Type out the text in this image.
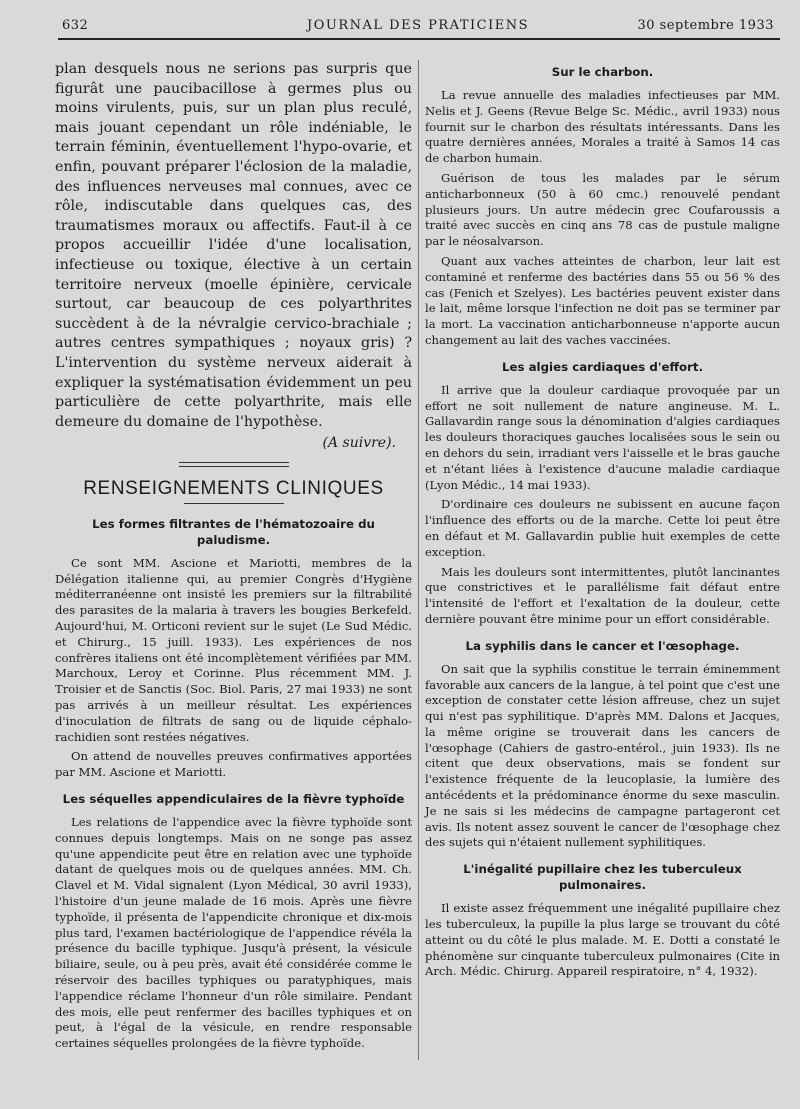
632	JOURNAL DES PRATICIENS	30 septembre 1933

plan desquels nous ne serions pas surpris que figurât une paucibacillose à germes plus ou moins virulents, puis, sur un plan plus reculé, mais jouant cependant un rôle indéniable, le terrain féminin, éventuellement l'hypo-ovarie, et enfin, pouvant préparer l'éclosion de la maladie, des influences nerveuses mal connues, avec ce rôle, indiscutable dans quelques cas, des traumatismes moraux ou affectifs. Faut-il à ce propos accueillir l'idée d'une localisation, infectieuse ou toxique, élective à un certain territoire nerveux (moelle épinière, cervicale surtout, car beaucoup de ces polyarthrites succèdent à de la névralgie cervico-brachiale ; autres centres sympathiques ; noyaux gris) ? L'intervention du système nerveux aiderait à expliquer la systématisation évidemment un peu particulière de cette polyarthrite, mais elle demeure du domaine de l'hypothèse.

(A suivre).
RENSEIGNEMENTS CLINIQUES
Les formes filtrantes de l'hématozoaire du paludisme.

Ce sont MM. Ascione et Mariotti, membres de la Délégation italienne qui, au premier Congrès d'Hygiène méditerranéenne ont insisté les premiers sur la filtrabilité des parasites de la malaria à travers les bougies Berkefeld. Aujourd'hui, M. Orticoni revient sur le sujet (Le Sud Médic. et Chirurg., 15 juill. 1933). Les expériences de nos confrères italiens ont été incomplètement vérifiées par MM. Marchoux, Leroy et Corinne. Plus récemment MM. J. Troisier et de Sanctis (Soc. Biol. Paris, 27 mai 1933) ne sont pas arrivés à un meilleur résultat. Les expériences d'inoculation de filtrats de sang ou de liquide céphalo-rachidien sont restées négatives.

On attend de nouvelles preuves confirmatives apportées par MM. Ascione et Mariotti.

Les séquelles appendiculaires de la fièvre typhoïde

Les relations de l'appendice avec la fièvre typhoïde sont connues depuis longtemps. Mais on ne songe pas assez qu'une appendicite peut être en relation avec une typhoïde datant de quelques mois ou de quelques années. MM. Ch. Clavel et M. Vidal signalent (Lyon Médical, 30 avril 1933), l'histoire d'un jeune malade de 16 mois. Après une fièvre typhoïde, il présenta de l'appendicite chronique et dix-mois plus tard, l'examen bactériologique de l'appendice révéla la présence du bacille typhique. Jusqu'à présent, la vésicule biliaire, seule, ou à peu près, avait été considérée comme le réservoir des bacilles typhiques ou paratyphiques, mais l'appendice réclame l'honneur d'un rôle similaire. Pendant des mois, elle peut renfermer des bacilles typhiques et on peut, à l'égal de la vésicule, en rendre responsable certaines séquelles prolongées de la fièvre typhoïde.

Sur le charbon.

La revue annuelle des maladies infectieuses par MM. Nelis et J. Geens (Revue Belge Sc. Médic., avril 1933) nous fournit sur le charbon des résultats intéressants. Dans les quatre dernières années, Morales a traité à Samos 14 cas de charbon humain.

Guérison de tous les malades par le sérum anticharbonneux (50 à 60 cmc.) renouvelé pendant plusieurs jours. Un autre médecin grec Coufaroussis a traité avec succès en cinq ans 78 cas de pustule maligne par le néosalvarson.

Quant aux vaches atteintes de charbon, leur lait est contaminé et renferme des bactéries dans 55 ou 56 % des cas (Fenich et Szelyes). Les bactéries peuvent exister dans le lait, même lorsque l'infection ne doit pas se terminer par la mort. La vaccination anticharbonneuse n'apporte aucun changement au lait des vaches vaccinées.

Les algies cardiaques d'effort.

Il arrive que la douleur cardiaque provoquée par un effort ne soit nullement de nature angineuse. M. L. Gallavardin range sous la dénomination d'algies cardiaques les douleurs thoraciques gauches localisées sous le sein ou en dehors du sein, irradiant vers l'aisselle et le bras gauche et n'étant liées à l'existence d'aucune maladie cardiaque (Lyon Médic., 14 mai 1933).

D'ordinaire ces douleurs ne subissent en aucune façon l'influence des efforts ou de la marche. Cette loi peut être en défaut et M. Gallavardin publie huit exemples de cette exception.

Mais les douleurs sont intermittentes, plutôt lancinantes que constrictives et le parallélisme fait défaut entre l'intensité de l'effort et l'exaltation de la douleur, cette dernière pouvant être minime pour un effort considérable.

La syphilis dans le cancer et l'œsophage.

On sait que la syphilis constitue le terrain éminemment favorable aux cancers de la langue, à tel point que c'est une exception de constater cette lésion affreuse, chez un sujet qui n'est pas syphilitique. D'après MM. Dalons et Jacques, la même origine se trouverait dans les cancers de l'œsophage (Cahiers de gastro-entérol., juin 1933). Ils ne citent que deux observations, mais se fondent sur l'existence fréquente de la leucoplasie, la lumière des antécédents et la prédominance énorme du sexe masculin. Je ne sais si les médecins de campagne partageront cet avis. Ils notent assez souvent le cancer de l'œsophage chez des sujets qui n'étaient nullement syphilitiques.

L'inégalité pupillaire chez les tuberculeux pulmonaires.

Il existe assez fréquemment une inégalité pupillaire chez les tuberculeux, la pupille la plus large se trouvant du côté atteint ou du côté le plus malade. M. E. Dotti a constaté le phénomène sur cinquante tuberculeux pulmonaires (Cite in Arch. Médic. Chirurg. Appareil respiratoire, n° 4, 1932).
